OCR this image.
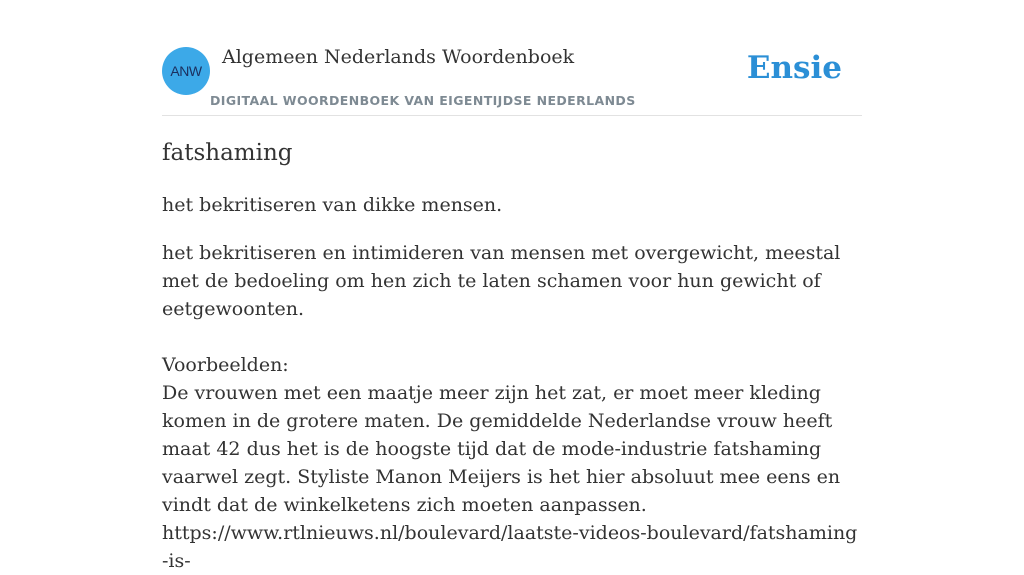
ANW
Algemeen Nederlands Woordenboek
DIGITAAL WOORDENBOEK VAN EIGENTIJDSE NEDERLANDS
Ensie
fatshaming
het bekritiseren van dikke mensen.

het bekritiseren en intimideren van mensen met overgewicht, meestal met de bedoeling om hen zich te laten schamen voor hun gewicht of eetgewoonten.

Voorbeelden:

De vrouwen met een maatje meer zijn het zat, er moet meer kleding komen in de grotere maten. De gemiddelde Nederlandse vrouw heeft maat 42 dus het is de hoogste tijd dat de mode-industrie fatshaming vaarwel zegt. Styliste Manon Meijers is het hier absoluut mee eens en vindt dat de winkelketens zich moeten aanpassen.

https://www.rtlnieuws.nl/boulevard/laatste-videos-boulevard/fatshaming-is-
